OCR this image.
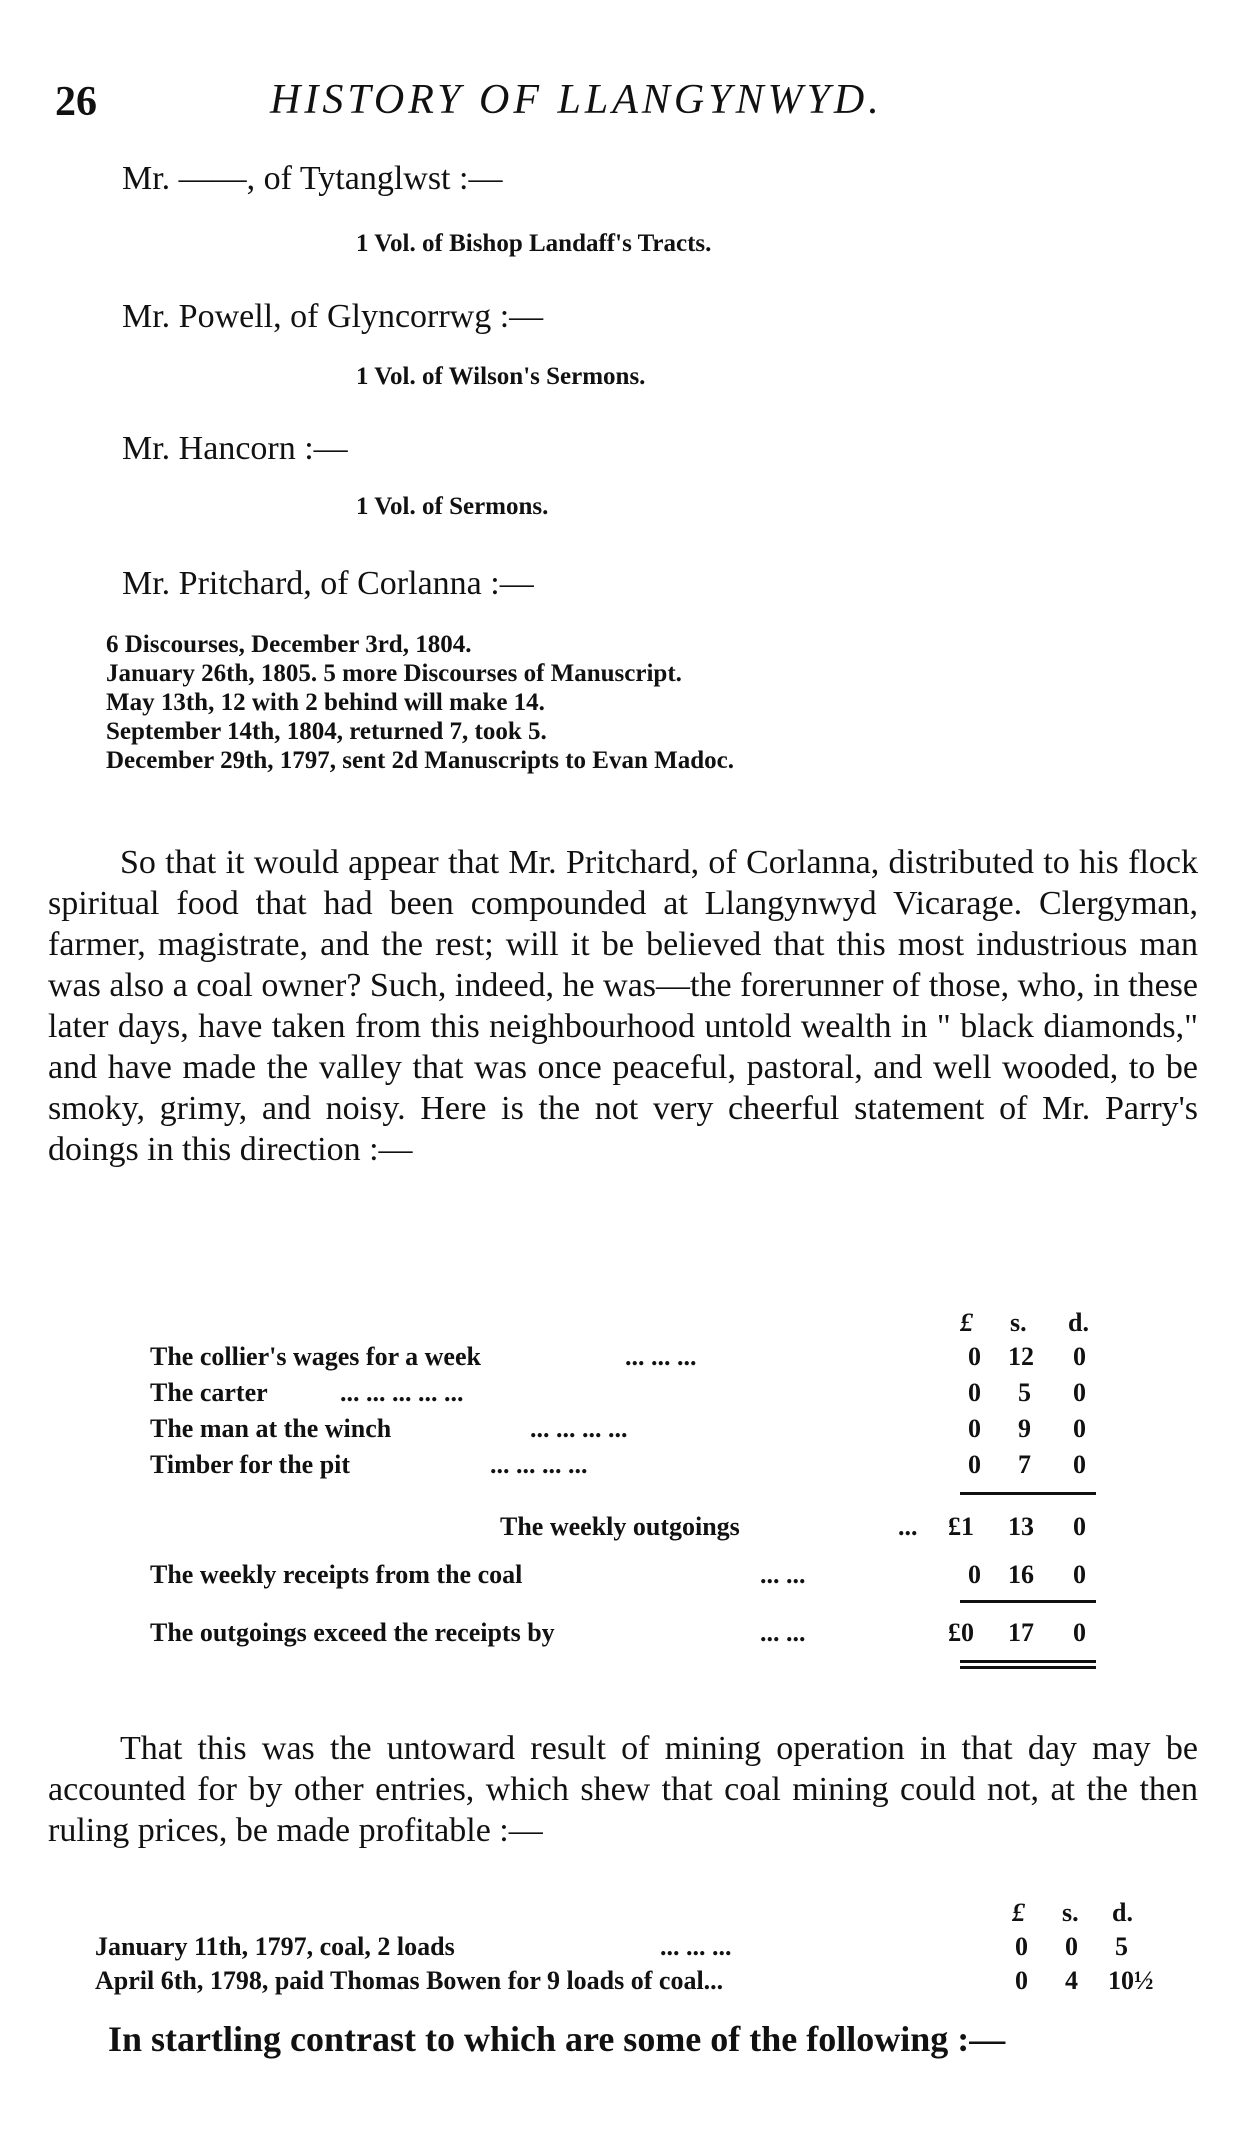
26	HISTORY OF LLANGYNWYD.
Mr. ——, of Tytanglwst :—
1 Vol. of Bishop Landaff's Tracts.
Mr. Powell, of Glyncorrwg :—
1 Vol. of Wilson's Sermons.
Mr. Hancorn :—
1 Vol. of Sermons.
Mr. Pritchard, of Corlanna :—
6 Discourses, December 3rd, 1804.
January 26th, 1805. 5 more Discourses of Manuscript.
May 13th, 12 with 2 behind will make 14.
September 14th, 1804, returned 7, took 5.
December 29th, 1797, sent 2d Manuscripts to Evan Madoc.

So that it would appear that Mr. Pritchard, of Corlanna, distributed to his flock spiritual food that had been compounded at Llangynwyd Vicarage. Clergyman, farmer, magistrate, and the rest; will it be believed that this most industrious man was also a coal owner? Such, indeed, he was—the forerunner of those, who, in these later days, have taken from this neighbourhood untold wealth in " black diamonds," and have made the valley that was once peaceful, pastoral, and well wooded, to be smoky, grimy, and noisy. Here is the not very cheerful statement of Mr. Parry's doings in this direction :—

£ s. d.
The collier's wages for a week	... ... ...	0 12 0
The carter	... ... ... ... ...	0 5 0
The man at the winch	... ... ... ...	0 9 0
Timber for the pit	... ... ... ...	0 7 0
The weekly outgoings	... £1 13 0
The weekly receipts from the coal	... ...	0 16 0
The outgoings exceed the receipts by	... ...	£0 17 0

That this was the untoward result of mining operation in that day may be accounted for by other entries, which shew that coal mining could not, at the then ruling prices, be made profitable :—

£ s. d.
January 11th, 1797, coal, 2 loads	... ... ...	0 0 5
April 6th, 1798, paid Thomas Bowen for 9 loads of coal...	0 4 10½
In startling contrast to which are some of the following :—
